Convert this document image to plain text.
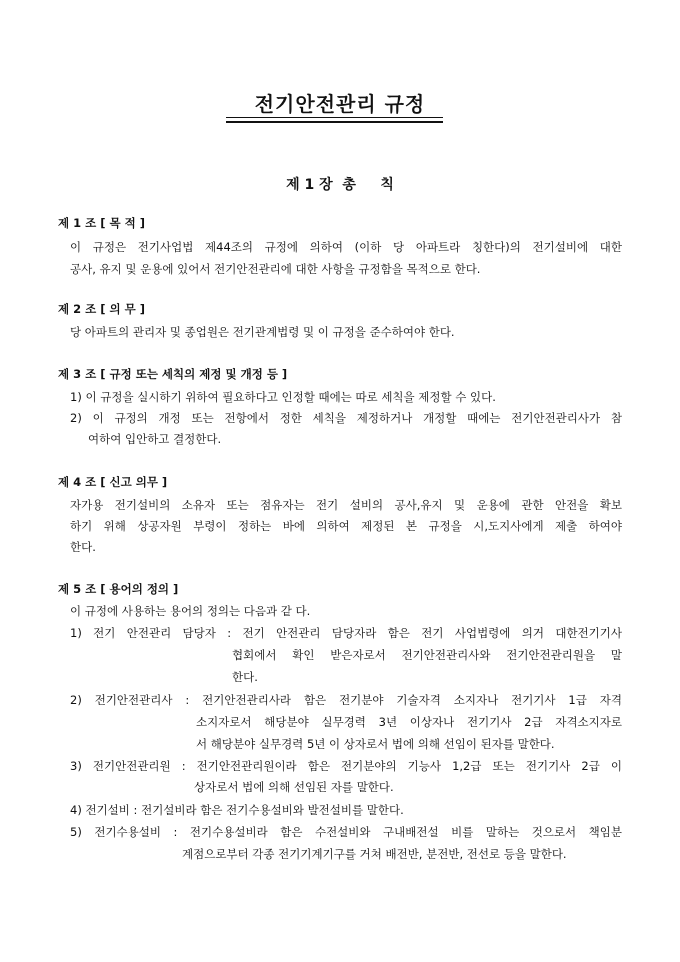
전기안전관리 규정
제 1 장  총     칙
제 1 조 [ 목 적 ]
이 규정은 전기사업법 제44조의 규정에 의하여 (이하 당 아파트라 칭한다)의 전기설비에 대한
공사, 유지 및 운용에 있어서 전기안전관리에 대한 사항을 규정함을 목적으로 한다.
제 2 조 [ 의 무 ]
당 아파트의 관리자 및 종업원은 전기관계법령 및 이 규정을 준수하여야 한다.
제 3 조 [ 규정 또는 세칙의 제정 및 개정 등 ]
1) 이 규정을 실시하기 위하여 필요하다고 인정할 때에는 따로 세칙을 제정할 수 있다.
2) 이 규정의 개정 또는 전항에서 정한 세칙을 제정하거나 개정할 때에는 전기안전관리사가 참
여하여 입안하고 결정한다.
제 4 조 [ 신고 의무 ]
자가용 전기설비의 소유자 또는 점유자는 전기 설비의 공사,유지 및 운용에 관한 안전을 확보
하기 위해 상공자원 부령이 정하는 바에 의하여 제정된 본 규정을 시,도지사에게 제출 하여야
한다.
제 5 조 [ 용어의 정의 ]
이 규정에 사용하는 용어의 정의는 다음과 같 다.
1) 전기 안전관리 담당자 : 전기 안전관리 담당자라 함은 전기 사업법령에 의거 대한전기기사
협회에서 확인 받은자로서 전기안전관리사와 전기안전관리원을 말
한다.
2) 전기안전관리사 : 전기안전관리사라 함은 전기분야 기술자격 소지자나 전기기사 1급 자격
소지자로서 해당분야 실무경력 3년 이상자나 전기기사 2급 자격소지자로
서 해당분야 실무경력 5년 이 상자로서 법에 의해 선임이 된자를 말한다.
3) 전기안전관리원 : 전기안전관리원이라 함은 전기분야의 기능사 1,2급 또는 전기기사 2급 이
상자로서 법에 의해 선임된 자를 말한다.
4) 전기설비 : 전기설비라 함은 전기수용설비와 발전설비를 말한다.
5) 전기수용설비 : 전기수용설비라 함은 수전설비와 구내배전설 비를 말하는 것으로서 책임분
계점으로부터 각종 전기기계기구를 거쳐 배전반, 분전반, 전선로 등을 말한다.
